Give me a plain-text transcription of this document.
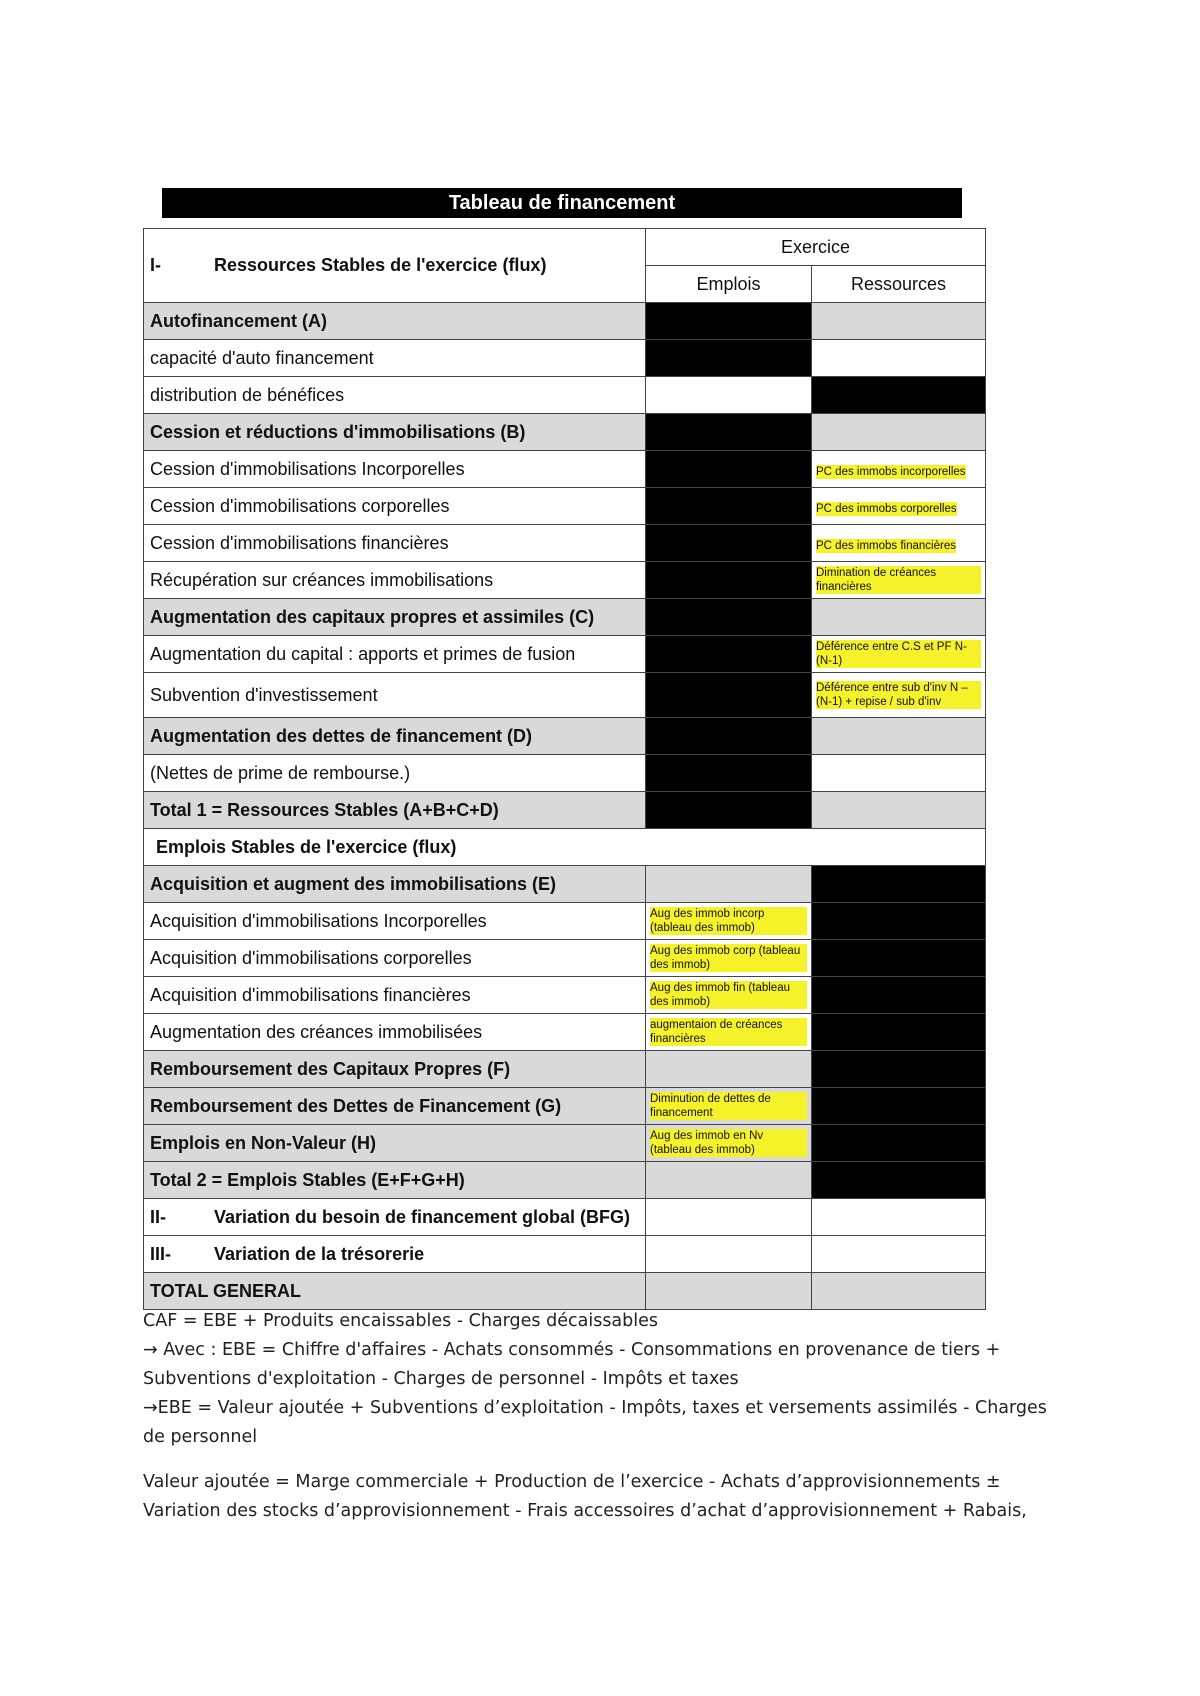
Tableau de financement
I- Ressources Stables de l'exercice (flux)	Exercice	
	Emplois	Ressources
Autofinancement (A)		
capacité d'auto financement		
distribution de bénéfices		
Cession et réductions d'immobilisations (B)		
Cession d'immobilisations Incorporelles		PC des immobs incorporelles
Cession d'immobilisations corporelles		PC des immobs corporelles
Cession d'immobilisations financières		PC des immobs financières
Récupération sur créances immobilisations		Dimination de créances financières
Augmentation des capitaux propres et assimiles (C)		
Augmentation du capital : apports et primes de fusion		Déférence entre C.S et PF N- (N-1)
Subvention d'investissement		Déférence entre sub d'inv N – (N-1) + repise / sub d'inv
Augmentation des dettes de financement (D)		
(Nettes de prime de rembourse.)		
Total 1 = Ressources Stables (A+B+C+D)		
Emplois Stables de l'exercice (flux)		
Acquisition et augment des immobilisations (E)		
Acquisition d'immobilisations Incorporelles	Aug des immob incorp (tableau des immob)	
Acquisition d'immobilisations corporelles	Aug des immob corp (tableau des immob)	
Acquisition d'immobilisations financières	Aug des immob fin (tableau des immob)	
Augmentation des créances immobilisées	augmentaion de créances financières	
Remboursement des Capitaux Propres (F)		
Remboursement des Dettes de Financement (G)	Diminution de dettes de financement	
Emplois en Non-Valeur (H)	Aug des immob en Nv (tableau des immob)	
Total 2 = Emplois Stables (E+F+G+H)		
II- Variation du besoin de financement global (BFG)		
III- Variation de la trésorerie		
TOTAL GENERAL		

CAF = EBE + Produits encaissables - Charges décaissables

→ Avec : EBE = Chiffre d'affaires - Achats consommés - Consommations en provenance de tiers + Subventions d'exploitation - Charges de personnel - Impôts et taxes

→EBE = Valeur ajoutée + Subventions d’exploitation - Impôts, taxes et versements assimilés - Charges de personnel

Valeur ajoutée = Marge commerciale + Production de l’exercice - Achats d’approvisionnements ± Variation des stocks d’approvisionnement - Frais accessoires d’achat d’approvisionnement + Rabais,
